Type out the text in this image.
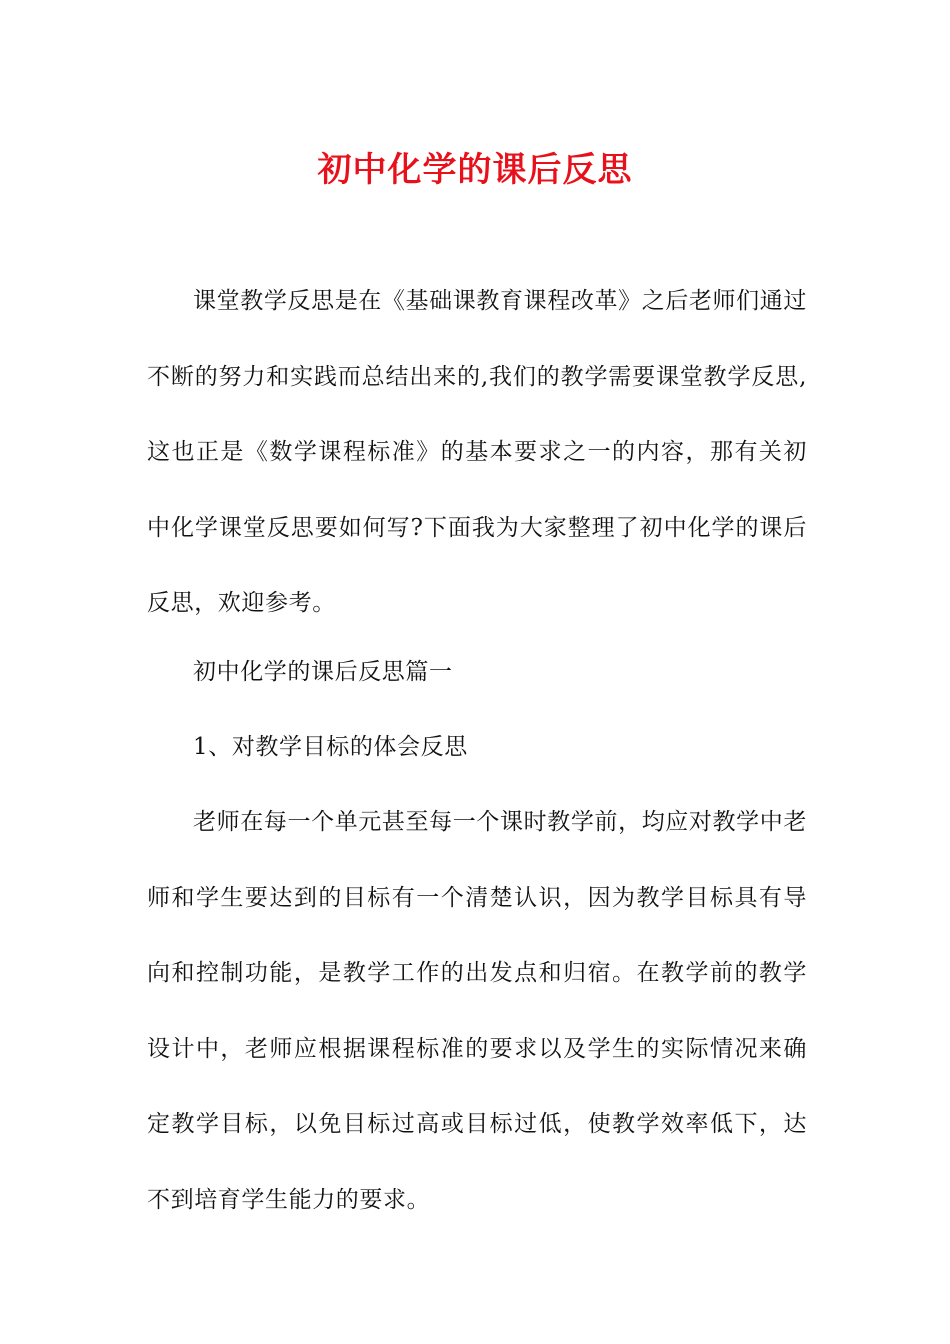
初中化学的课后反思

课堂教学反思是在《基础课教育课程改革》之后老师们通过不断的努力和实践而总结出来的,我们的教学需要课堂教学反思,这也正是《数学课程标准》的基本要求之一的内容，那有关初中化学课堂反思要如何写?下面我为大家整理了初中化学的课后反思，欢迎参考。

初中化学的课后反思篇一

1、对教学目标的体会反思

老师在每一个单元甚至每一个课时教学前，均应对教学中老师和学生要达到的目标有一个清楚认识，因为教学目标具有导向和控制功能，是教学工作的出发点和归宿。在教学前的教学设计中，老师应根据课程标准的要求以及学生的实际情况来确定教学目标，以免目标过高或目标过低，使教学效率低下，达不到培育学生能力的要求。
